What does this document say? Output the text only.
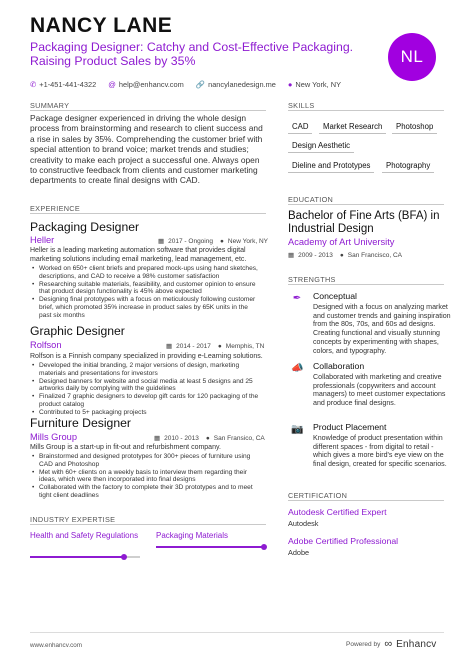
NANCY LANE
Packaging Designer: Catchy and Cost-Effective Packaging. Raising Product Sales by 35%
✆ +1-451-441-4322 @ help@enhancv.com 🔗 nancylanedesign.me ● New York, NY
NL
SUMMARY
Package designer experienced in driving the whole design process from brainstorming and research to client success and a rise in sales by 35%. Comprehending the customer brief with special attention to brand voice; market trends and studies; creativity to make each project a successful one. Always open to constructive feedback from clients and customer marketing departments to create final designs with CAD.
EXPERIENCE
Packaging Designer
Heller	▦ 2017 - Ongoing ● New York, NY
Heller is a leading marketing automation software that provides digital marketing solutions including email marketing, lead management, etc.
• Worked on 650+ client briefs and prepared mock-ups using hand sketches, descriptions, and CAD to receive a 98% customer satisfaction
• Researching suitable materials, feasibility, and customer opinion to ensure that product design functionality is 45% above expected
• Designing final prototypes with a focus on meticulously following customer brief, which promoted 35% increase in product sales by 65K units in the past six months
Graphic Designer
Rolfson	▦ 2014 - 2017 ● Memphis, TN
Rolfson is a Finnish company specialized in providing e-Learning solutions.
• Developed the initial branding, 2 major versions of design, marketing materials and presentations for investors
• Designed banners for website and social media at least 5 designs and 25 artworks daily by complying with the guidelines
• Finalized 7 graphic designers to develop gift cards for 120 packaging of the product catalog
• Contributed to 5+ packaging projects
Furniture Designer
Mills Group	▦ 2010 - 2013 ● San Fransico, CA
Mills Group is a start-up in fit-out and refurbishment company.
• Brainstormed and designed prototypes for 300+ pieces of furniture using CAD and Photoshop
• Met with 60+ clients on a weekly basis to interview them regarding their ideas, which were then incorporated into final designs
• Collaborated with the factory to complete their 3D prototypes and to meet tight client deadlines
INDUSTRY EXPERTISE
Health and Safety Regulations Packaging Materials
SKILLS
CAD	Market Research	Photoshop
Design Aesthetic
Dieline and Prototypes	Photography
EDUCATION
Bachelor of Fine Arts (BFA) in Industrial Design
Academy of Art University
▦ 2009 - 2013 ● San Francisco, CA
STRENGTHS
✒ Conceptual
Designed with a focus on analyzing market and customer trends and gaining inspiration from the 80s, 70s, and 60s ad designs. Creating functional and visually stunning concepts by experimenting with shapes, colors, and typography.
📣 Collaboration
Collaborated with marketing and creative professionals (copywriters and account managers) to meet customer expectations and produce final designs.
📷 Product Placement
Knowledge of product presentation within different spaces - from digital to retail - which gives a more bird's eye view on the final design, created for specific scenarios.
CERTIFICATION
Autodesk Certified Expert
Autodesk
Adobe Certified Professional
Adobe
www.enhancv.com	Powered by ∞ Enhancv
